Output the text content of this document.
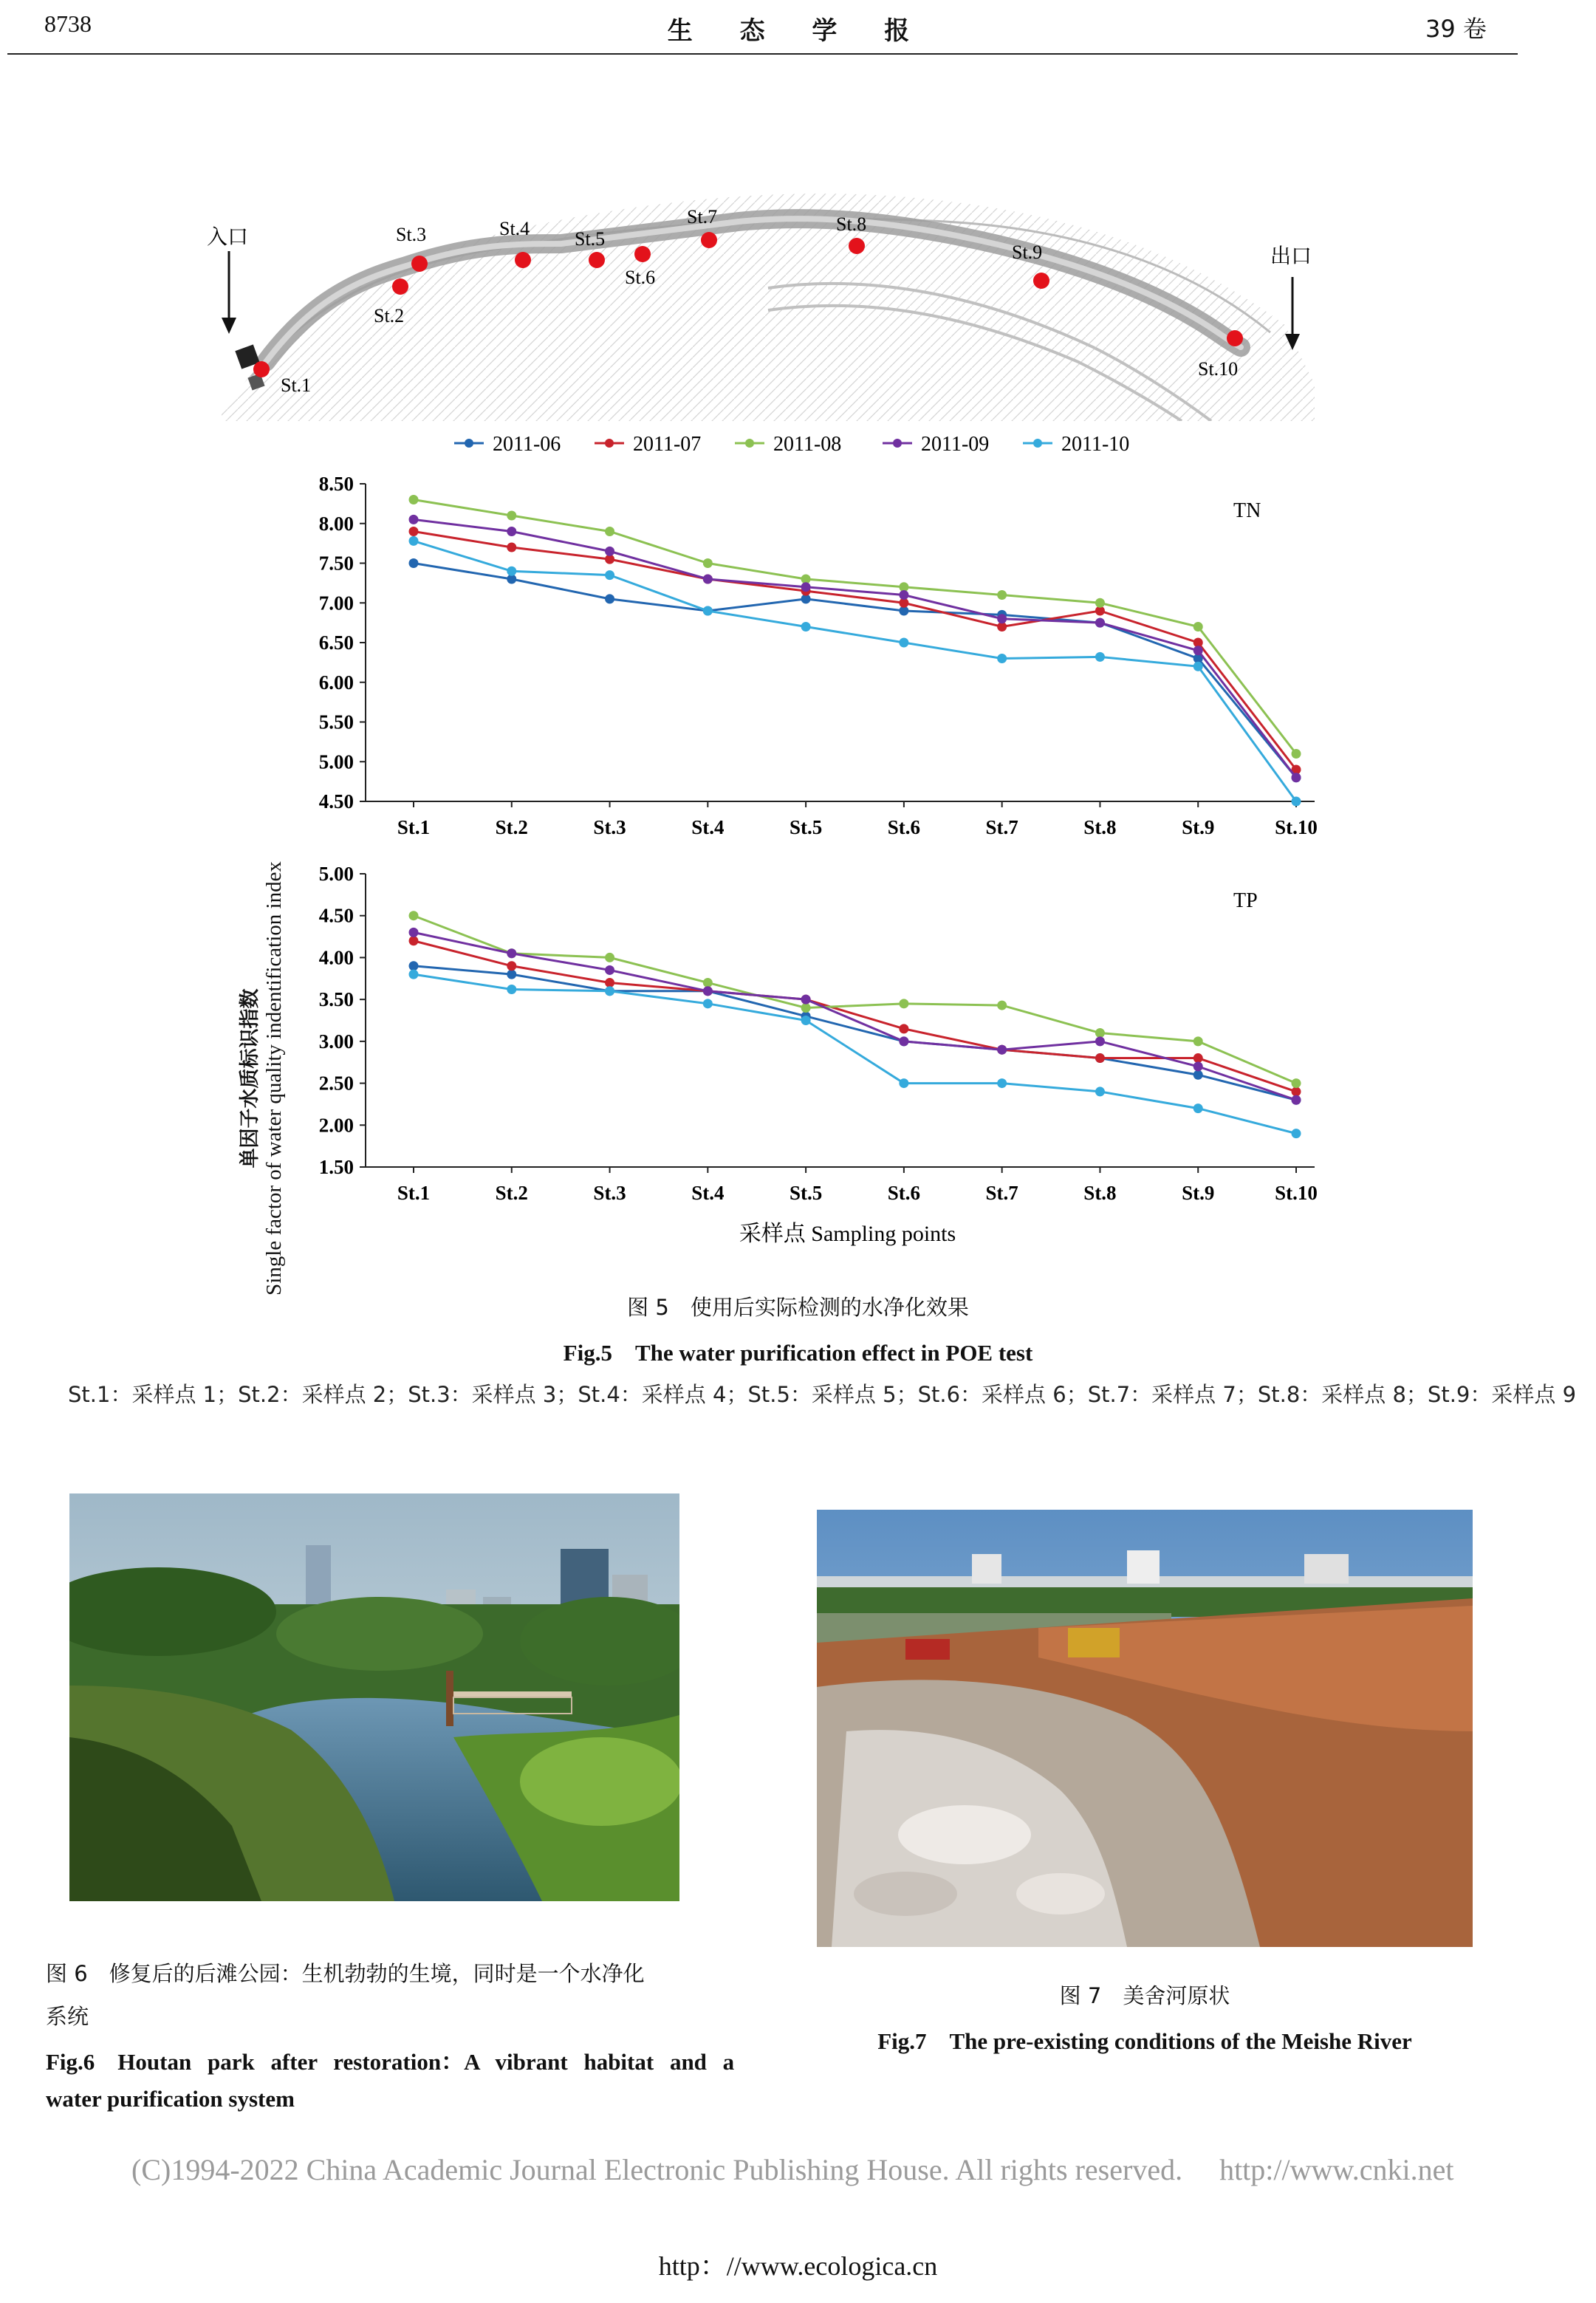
8738	生 态 学 报	39 卷
入口
出口
St.1
St.2
St.3	St.4 St.5
St.6
St.7	St.8
St.9
St.10
2011-06	2011-07	2011-08	2011-09	2011-10
8.50
8.00
7.50
7.00
6.50
6.00
5.50
5.00
4.50
St.1	St.2	St.3	St.4	St.5	St.6	St.7	St.8	St.9	St.10
TN
5.00
4.50
4.00
3.50
3.00
2.50
2.00
1.50
St.1	St.2	St.3	St.4	St.5	St.6	St.7	St.8	St.9	St.10
TP
采样点 Sampling points
单因子水质标识指数 Single factor of water quality indentification index
图 5　使用后实际检测的水净化效果
Fig.5　The water purification effect in POE test
St.1：采样点 1；St.2：采样点 2；St.3：采样点 3；St.4：采样点 4；St.5：采样点 5；St.6：采样点 6；St.7：采样点 7；St.8：采样点 8；St.9：采样点 9
图 6　修复后的后滩公园：生机勃勃的生境，同时是一个水净化
系统
Fig.6　Houtan park after restoration：A vibrant habitat and a
water purification system
图 7　美舍河原状
Fig.7　The pre-existing conditions of the Meishe River
(C)1994-2022 China Academic Journal Electronic Publishing House. All rights reserved.　 http://www.cnki.net
http：//www.ecologica.cn
